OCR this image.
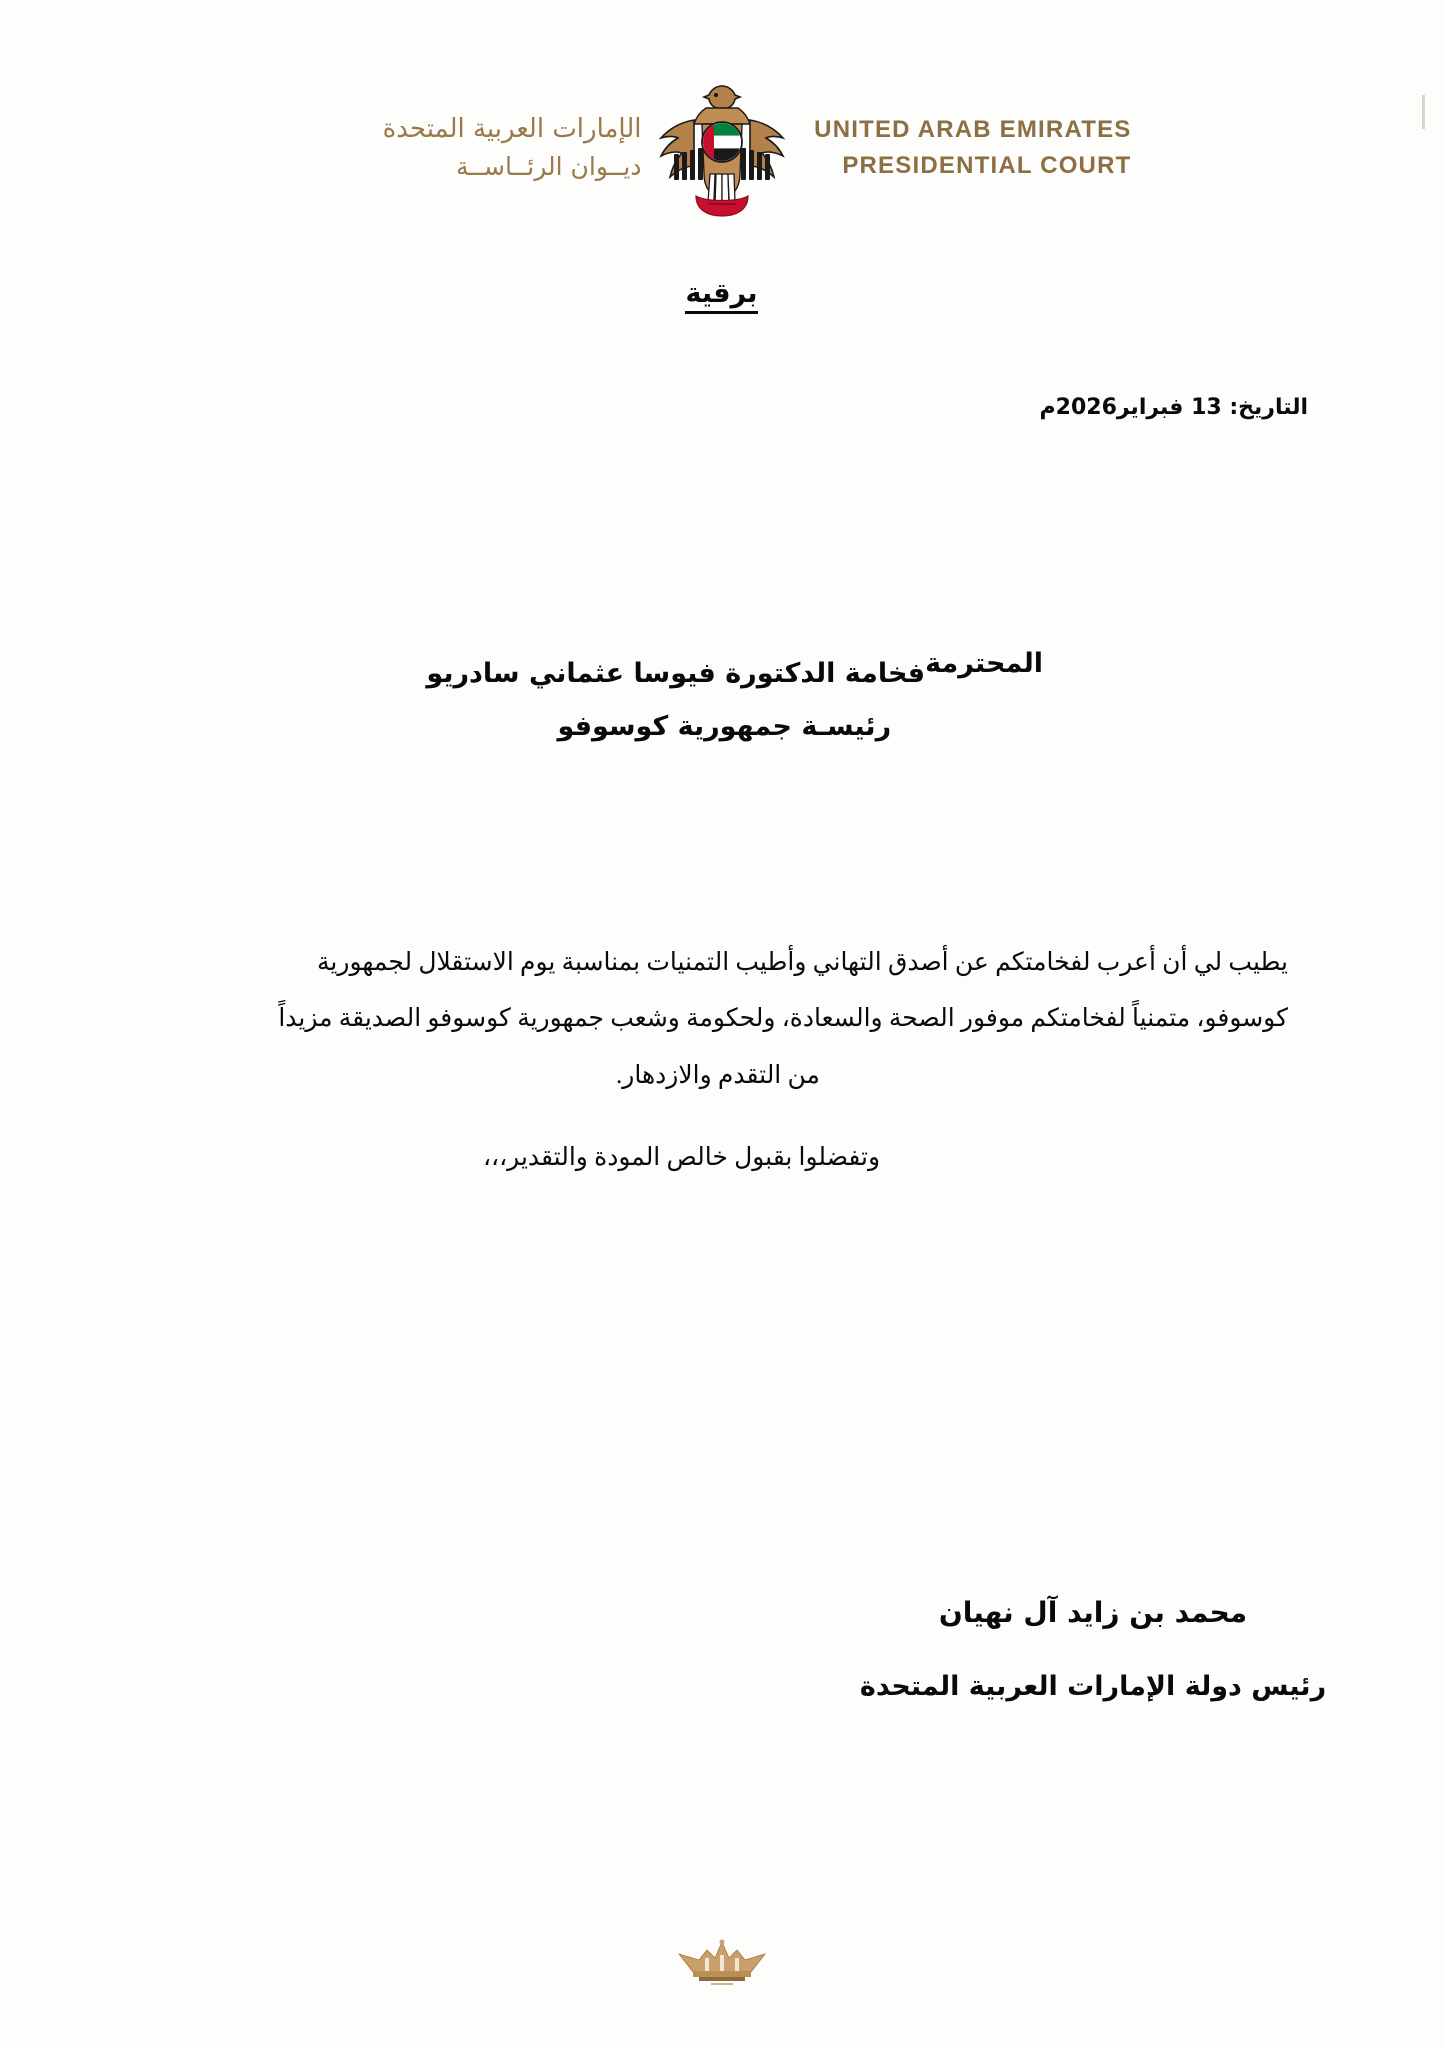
الإمارات العربية المتحدة
ديــوان الرئــاســة
UNITED ARAB EMIRATES
PRESIDENTIAL COURT
برقية
التاريخ: 13 فبراير2026م
المحترمة
فخامة الدكتورة فيوسا عثماني سادريو
رئيسـة جمهورية كوسوفو
يطيب لي أن أعرب لفخامتكم عن أصدق التهاني وأطيب التمنيات بمناسبة يوم الاستقلال لجمهورية
كوسوفو، متمنياً لفخامتكم موفور الصحة والسعادة، ولحكومة وشعب جمهورية كوسوفو الصديقة مزيداً
من التقدم والازدهار.
وتفضلوا بقبول خالص المودة والتقدير،،،
محمد بن زايد آل نهيان
رئيس دولة الإمارات العربية المتحدة
